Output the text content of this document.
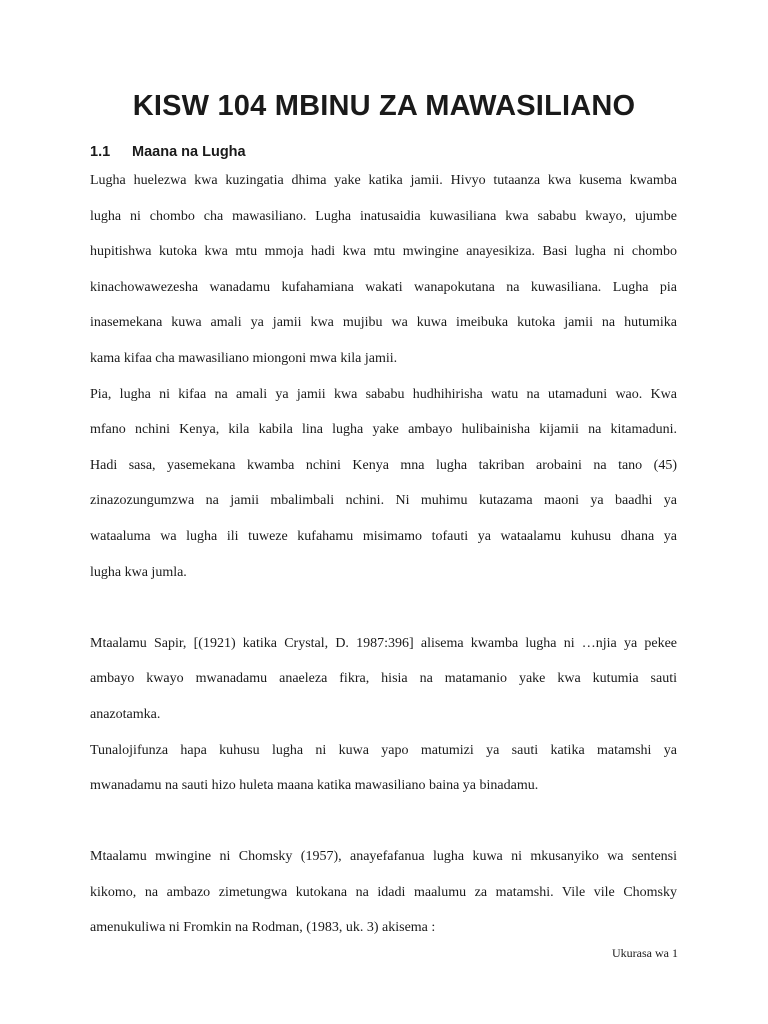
KISW 104 MBINU ZA MAWASILIANO
1.1 Maana na Lugha
Lugha huelezwa kwa kuzingatia dhima yake katika jamii. Hivyo tutaanza kwa kusema kwamba
lugha ni chombo cha mawasiliano. Lugha inatusaidia kuwasiliana kwa sababu kwayo, ujumbe
hupitishwa kutoka kwa mtu mmoja hadi kwa mtu mwingine anayesikiza. Basi lugha ni chombo
kinachowawezesha wanadamu kufahamiana wakati wanapokutana na kuwasiliana. Lugha pia
inasemekana kuwa amali ya jamii kwa mujibu wa kuwa imeibuka kutoka jamii na hutumika
kama kifaa cha mawasiliano miongoni mwa kila jamii.
Pia, lugha ni kifaa na amali ya jamii kwa sababu hudhihirisha watu na utamaduni wao. Kwa
mfano nchini Kenya, kila kabila lina lugha yake ambayo hulibainisha kijamii na kitamaduni.
Hadi sasa, yasemekana kwamba nchini Kenya mna lugha takriban arobaini na tano (45)
zinazozungumzwa na jamii mbalimbali nchini. Ni muhimu kutazama maoni ya baadhi ya
wataaluma wa lugha ili tuweze kufahamu misimamo tofauti ya wataalamu kuhusu dhana ya
lugha kwa jumla.
Mtaalamu Sapir, [(1921) katika Crystal, D. 1987:396] alisema kwamba lugha ni …njia ya pekee
ambayo kwayo mwanadamu anaeleza fikra, hisia na matamanio yake kwa kutumia sauti
anazotamka.
Tunalojifunza hapa kuhusu lugha ni kuwa yapo matumizi ya sauti katika matamshi ya
mwanadamu na sauti hizo huleta maana katika mawasiliano baina ya binadamu.
Mtaalamu mwingine ni Chomsky (1957), anayefafanua lugha kuwa ni mkusanyiko wa sentensi
kikomo, na ambazo zimetungwa kutokana na idadi maalumu za matamshi. Vile vile Chomsky
amenukuliwa ni Fromkin na Rodman, (1983, uk. 3) akisema :
Ukurasa wa 1
